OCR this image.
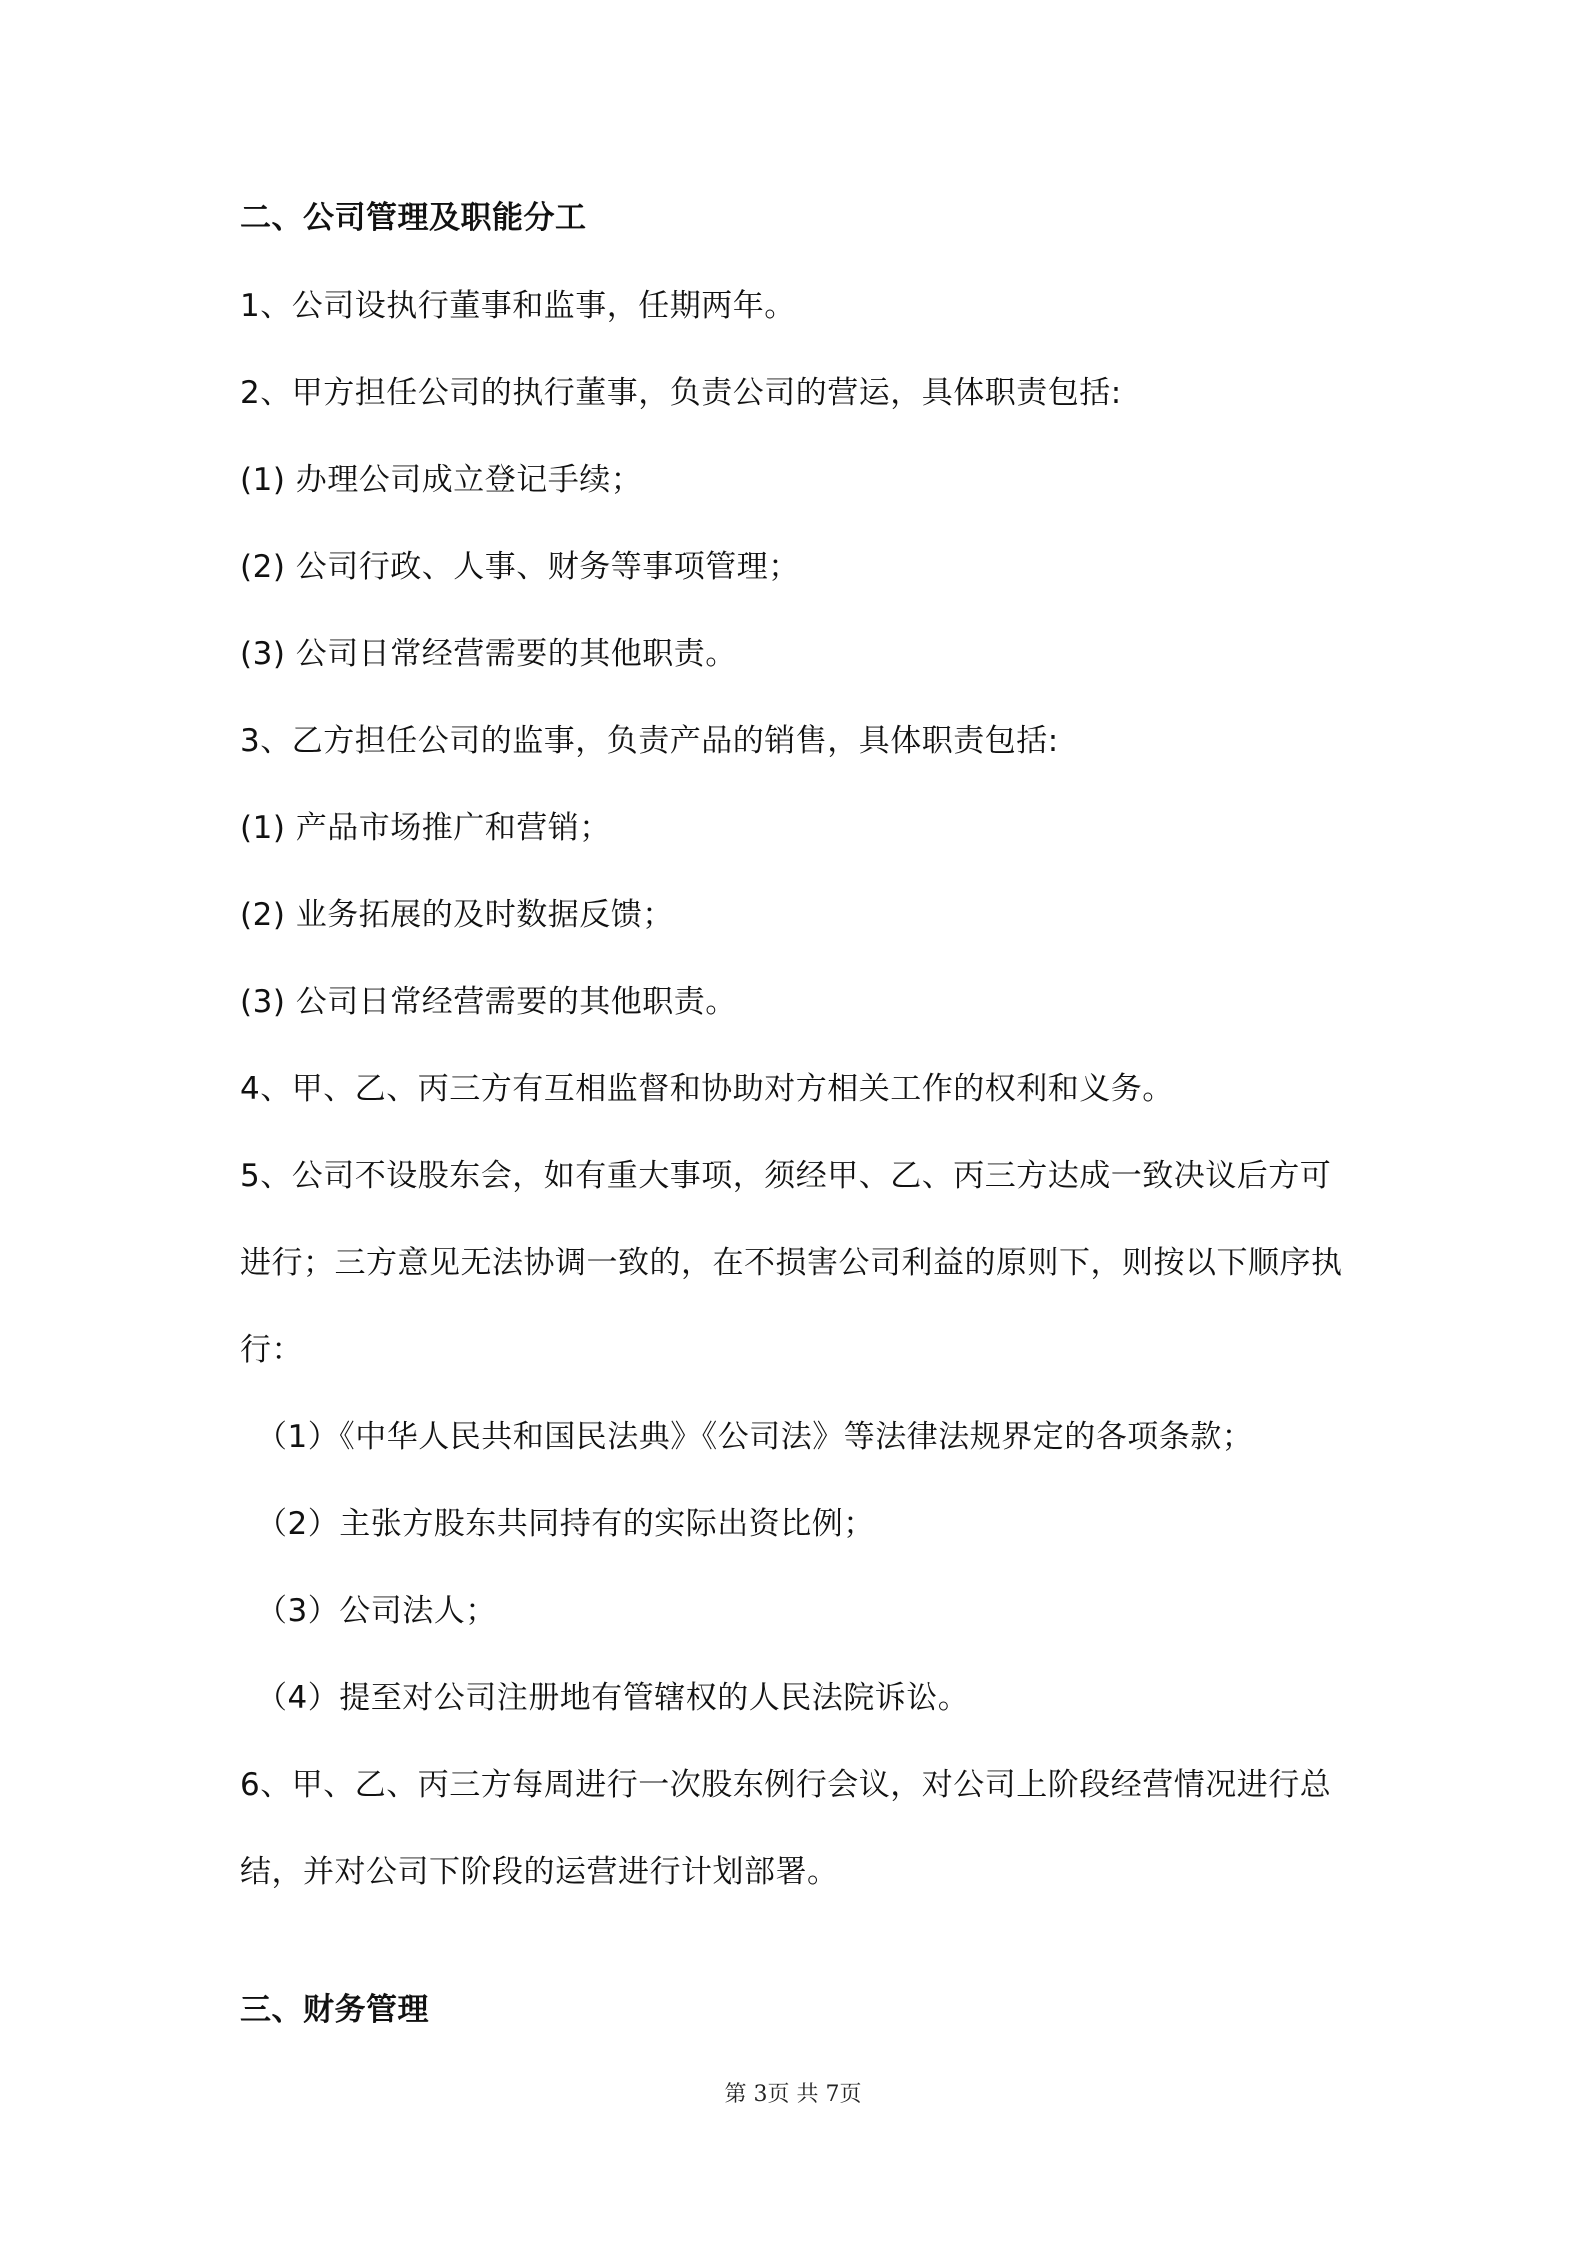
二、公司管理及职能分工
1、公司设执行董事和监事，任期两年。
2、甲方担任公司的执行董事，负责公司的营运，具体职责包括:
(1) 办理公司成立登记手续；
(2) 公司行政、人事、财务等事项管理；
(3) 公司日常经营需要的其他职责。
3、乙方担任公司的监事，负责产品的销售，具体职责包括:
(1) 产品市场推广和营销；
(2) 业务拓展的及时数据反馈；
(3) 公司日常经营需要的其他职责。
4、甲、乙、丙三方有互相监督和协助对方相关工作的权利和义务。
5、公司不设股东会，如有重大事项，须经甲、乙、丙三方达成一致决议后方可
进行；三方意见无法协调一致的，在不损害公司利益的原则下，则按以下顺序执
行：
（1）《中华人民共和国民法典》《公司法》等法律法规界定的各项条款；
（2）主张方股东共同持有的实际出资比例；
（3）公司法人；
（4）提至对公司注册地有管辖权的人民法院诉讼。
6、甲、乙、丙三方每周进行一次股东例行会议，对公司上阶段经营情况进行总
结，并对公司下阶段的运营进行计划部署。
三、财务管理
第 3页 共 7页
